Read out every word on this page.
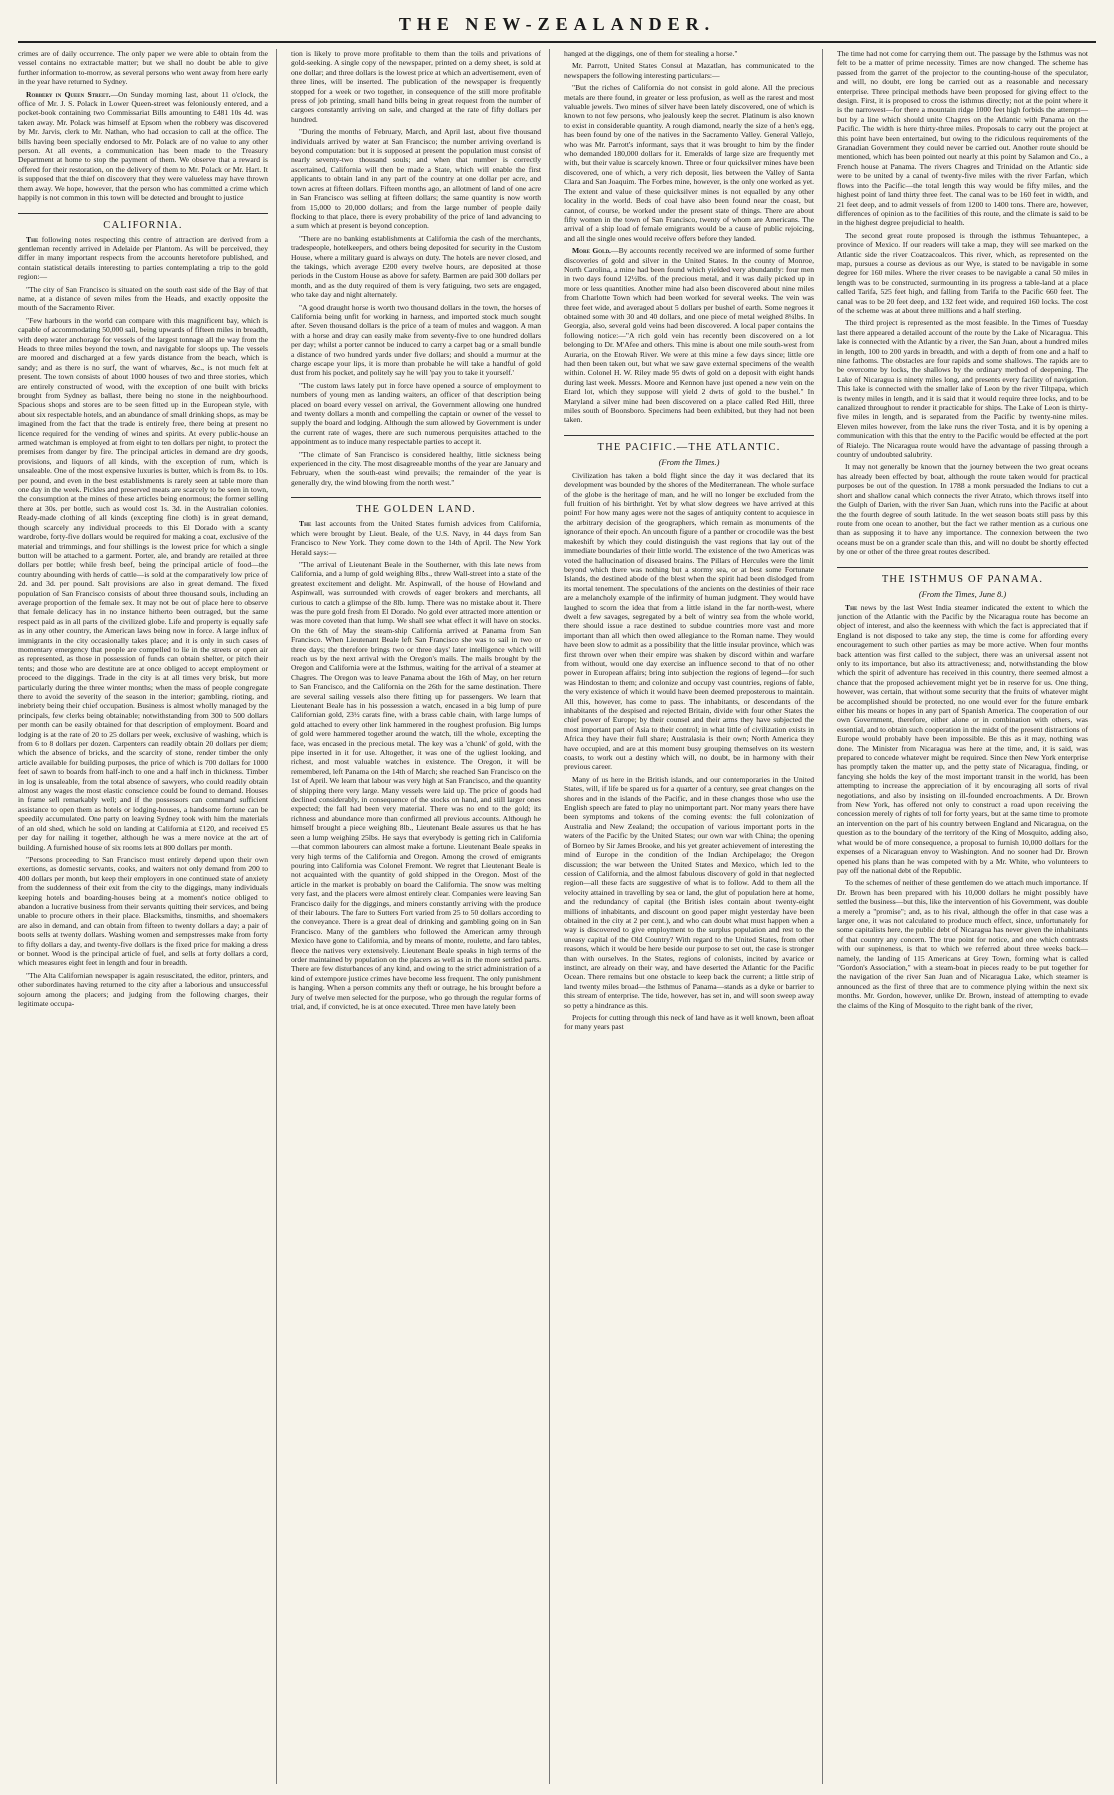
THE NEW-ZEALANDER.

crimes are of daily occurrence. The only paper we were able to obtain from the vessel contains no extractable matter; but we shall no doubt be able to give further information to-morrow, as several persons who went away from here early in the year have returned to Sydney.

Robbery in Queen Street.—On Sunday morning last, about 11 o'clock, the office of Mr. J. S. Polack in Lower Queen-street was feloniously entered, and a pocket-book containing two Commissariat Bills amounting to £481 10s 4d. was taken away. Mr. Polack was himself at Epsom when the robbery was discovered by Mr. Jarvis, clerk to Mr. Nathan, who had occasion to call at the office. The bills having been specially endorsed to Mr. Polack are of no value to any other person. At all events, a communication has been made to the Treasury Department at home to stop the payment of them. We observe that a reward is offered for their restoration, on the delivery of them to Mr. Polack or Mr. Hart. It is supposed that the thief on discovery that they were valueless may have thrown them away. We hope, however, that the person who has committed a crime which happily is not common in this town will be detected and brought to justice

CALIFORNIA.

The following notes respecting this centre of attraction are derived from a gentleman recently arrived in Adelaide per Plantom. As will be perceived, they differ in many important respects from the accounts heretofore published, and contain statistical details interesting to parties contemplating a trip to the gold region:—

"The city of San Francisco is situated on the south east side of the Bay of that name, at a distance of seven miles from the Heads, and exactly opposite the mouth of the Sacramento River.

"Few harbours in the world can compare with this magnificent bay, which is capable of accommodating 50,000 sail, being upwards of fifteen miles in breadth, with deep water anchorage for vessels of the largest tonnage all the way from the Heads to three miles beyond the town, and navigable for sloops up. The vessels are moored and discharged at a few yards distance from the beach, which is sandy; and as there is no surf, the want of wharves, &c., is not much felt at present. The town consists of about 1000 houses of two and three stories, which are entirely constructed of wood, with the exception of one built with bricks brought from Sydney as ballast, there being no stone in the neighbourhood. Spacious shops and stores are to be seen fitted up in the European style, with about six respectable hotels, and an abundance of small drinking shops, as may be imagined from the fact that the trade is entirely free, there being at present no licence required for the vending of wines and spirits. At every public-house an armed watchman is employed at from eight to ten dollars per night, to protect the premises from danger by fire. The principal articles in demand are dry goods, provisions, and liquors of all kinds, with the exception of rum, which is unsaleable. One of the most expensive luxuries is butter, which is from 8s. to 10s. per pound, and even in the best establishments is rarely seen at table more than one day in the week. Pickles and preserved meats are scarcely to be seen in town, the consumption at the mines of these articles being enormous; the former selling there at 30s. per bottle, such as would cost 1s. 3d. in the Australian colonies. Ready-made clothing of all kinds (excepting fine cloth) is in great demand, though scarcely any individual proceeds to this El Dorado with a scanty wardrobe, forty-five dollars would be required for making a coat, exclusive of the material and trimmings, and four shillings is the lowest price for which a single button will be attached to a garment. Porter, ale, and brandy are retailed at three dollars per bottle; while fresh beef, being the principal article of food—the country abounding with herds of cattle—is sold at the comparatively low price of 2d. and 3d. per pound. Salt provisions are also in great demand. The fixed population of San Francisco consists of about three thousand souls, including an average proportion of the female sex. It may not be out of place here to observe that female delicacy has in no instance hitherto been outraged, but the same respect paid as in all parts of the civilized globe. Life and property is equally safe as in any other country, the American laws being now in force. A large influx of immigrants in the city occasionally takes place; and it is only in such cases of momentary emergency that people are compelled to lie in the streets or open air as represented, as those in possession of funds can obtain shelter, or pitch their tents; and those who are destitute are at once obliged to accept employment or proceed to the diggings. Trade in the city is at all times very brisk, but more particularly during the three winter months; when the mass of people congregate there to avoid the severity of the season in the interior; gambling, rioting, and inebriety being their chief occupation. Business is almost wholly managed by the principals, few clerks being obtainable; notwithstanding from 300 to 500 dollars per month can be easily obtained for that description of employment. Board and lodging is at the rate of 20 to 25 dollars per week, exclusive of washing, which is from 6 to 8 dollars per dozen. Carpenters can readily obtain 20 dollars per diem; which the absence of bricks, and the scarcity of stone, render timber the only article available for building purposes, the price of which is 700 dollars for 1000 feet of sawn to boards from half-inch to one and a half inch in thickness. Timber in log is unsaleable, from the total absence of sawyers, who could readily obtain almost any wages the most elastic conscience could be found to demand. Houses in frame sell remarkably well; and if the possessors can command sufficient assistance to open them as hotels or lodging-houses, a handsome fortune can be speedily accumulated. One party on leaving Sydney took with him the materials of an old shed, which he sold on landing at California at £120, and received £5 per day for nailing it together, although he was a mere novice at the art of building. A furnished house of six rooms lets at 800 dollars per month.

"Persons proceeding to San Francisco must entirely depend upon their own exertions, as domestic servants, cooks, and waiters not only demand from 200 to 400 dollars per month, but keep their employers in one continued state of anxiety from the suddenness of their exit from the city to the diggings, many individuals keeping hotels and boarding-houses being at a moment's notice obliged to abandon a lucrative business from their servants quitting their services, and being unable to procure others in their place. Blacksmiths, tinsmiths, and shoemakers are also in demand, and can obtain from fifteen to twenty dollars a day; a pair of boots sells at twenty dollars. Washing women and sempstresses make from forty to fifty dollars a day, and twenty-five dollars is the fixed price for making a dress or bonnet. Wood is the principal article of fuel, and sells at forty dollars a cord, which measures eight feet in length and four in breadth.

"The Alta Californian newspaper is again resuscitated, the editor, printers, and other subordinates having returned to the city after a laborious and unsuccessful sojourn among the placers; and judging from the following charges, their legitimate occupa-

tion is likely to prove more profitable to them than the toils and privations of gold-seeking. A single copy of the newspaper, printed on a demy sheet, is sold at one dollar; and three dollars is the lowest price at which an advertisement, even of three lines, will be inserted. The publication of the newspaper is frequently stopped for a week or two together, in consequence of the still more profitable press of job printing, small hand bills being in great request from the number of cargoes constantly arriving on sale, and charged at the rate of fifty dollars per hundred.

"During the months of February, March, and April last, about five thousand individuals arrived by water at San Francisco; the number arriving overland is beyond computation: but it is supposed at present the population must consist of nearly seventy-two thousand souls; and when that number is correctly ascertained, California will then be made a State, which will enable the first applicants to obtain land in any part of the country at one dollar per acre, and town acres at fifteen dollars. Fifteen months ago, an allotment of land of one acre in San Francisco was selling at fifteen dollars; the same quantity is now worth from 15,000 to 20,000 dollars; and from the large number of people daily flocking to that place, there is every probability of the price of land advancing to a sum which at present is beyond conception.

"There are no banking establishments at California the cash of the merchants, tradespeople, hotelkeepers, and others being deposited for security in the Custom House, where a military guard is always on duty. The hotels are never closed, and the takings, which average £200 every twelve hours, are deposited at those periods in the Custom House as above for safety. Barmen are paid 300 dollars per month, and as the duty required of them is very fatiguing, two sets are engaged, who take day and night alternately.

"A good draught horse is worth two thousand dollars in the town, the horses of California being unfit for working in harness, and imported stock much sought after. Seven thousand dollars is the price of a team of mules and waggon. A man with a horse and dray can easily make from seventy-five to one hundred dollars per day; whilst a porter cannot be induced to carry a carpet bag or a small bundle a distance of two hundred yards under five dollars; and should a murmur at the charge escape your lips, it is more than probable he will take a handful of gold dust from his pocket, and politely say he will 'pay you to take it yourself.'

"The custom laws lately put in force have opened a source of employment to numbers of young men as landing waiters, an officer of that description being placed on board every vessel on arrival, the Government allowing one hundred and twenty dollars a month and compelling the captain or owner of the vessel to supply the board and lodging. Although the sum allowed by Government is under the current rate of wages, there are such numerous perquisites attached to the appointment as to induce many respectable parties to accept it.

"The climate of San Francisco is considered healthy, little sickness being experienced in the city. The most disagreeable months of the year are January and February, when the south-east wind prevails; the remainder of the year is generally dry, the wind blowing from the north west."

THE GOLDEN LAND.

The last accounts from the United States furnish advices from California, which were brought by Lieut. Beale, of the U.S. Navy, in 44 days from San Francisco to New York. They come down to the 14th of April. The New York Herald says:—

"The arrival of Lieutenant Beale in the Southerner, with this late news from California, and a lump of gold weighing 8lbs., threw Wall-street into a state of the greatest excitement and delight. Mr. Aspinwall, of the house of Howland and Aspinwall, was surrounded with crowds of eager brokers and merchants, all curious to catch a glimpse of the 8lb. lump. There was no mistake about it. There was the pure gold fresh from El Dorado. No gold ever attracted more attention or was more coveted than that lump. We shall see what effect it will have on stocks. On the 6th of May the steam-ship California arrived at Panama from San Francisco. When Lieutenant Beale left San Francisco she was to sail in two or three days; the therefore brings two or three days' later intelligence which will reach us by the next arrival with the Oregon's mails. The mails brought by the Oregon and California were at the Isthmus, waiting for the arrival of a steamer at Chagres. The Oregon was to leave Panama about the 16th of May, on her return to San Francisco, and the California on the 26th for the same destination. There are several sailing vessels also there fitting up for passengers. We learn that Lieutenant Beale has in his possession a watch, encased in a big lump of pure Californian gold, 23½ carats fine, with a brass cable chain, with large lumps of gold attached to every other link hammered in the roughest profusion. Big lumps of gold were hammered together around the watch, till the whole, excepting the face, was encased in the precious metal. The key was a 'chunk' of gold, with the pipe inserted in it for use. Altogether, it was one of the ugliest looking, and richest, and most valuable watches in existence. The Oregon, it will be remembered, left Panama on the 14th of March; she reached San Francisco on the 1st of April. We learn that labour was very high at San Francisco, and the quantity of shipping there very large. Many vessels were laid up. The price of goods had declined considerably, in consequence of the stocks on hand, and still larger ones expected; the fall had been very material. There was no end to the gold; its richness and abundance more than confirmed all previous accounts. Although he himself brought a piece weighing 8lb., Lieutenant Beale assures us that he has seen a lump weighing 25lbs. He says that everybody is getting rich in California—that common labourers can almost make a fortune. Lieutenant Beale speaks in very high terms of the California and Oregon. Among the crowd of emigrants pouring into California was Colonel Fremont. We regret that Lieutenant Beale is not acquainted with the quantity of gold shipped in the Oregon. Most of the article in the market is probably on board the California. The snow was melting very fast, and the placers were almost entirely clear. Companies were leaving San Francisco daily for the diggings, and miners constantly arriving with the produce of their labours. The fare to Sutters Fort varied from 25 to 50 dollars according to the conveyance. There is a great deal of drinking and gambling going on in San Francisco. Many of the gamblers who followed the American army through Mexico have gone to California, and by means of monte, roulette, and faro tables, fleece the natives very extensively. Lieutenant Beale speaks in high terms of the order maintained by population on the placers as well as in the more settled parts. There are few disturbances of any kind, and owing to the strict administration of a kind of extempore justice crimes have become less frequent. The only punishment is hanging. When a person commits any theft or outrage, he his brought before a Jury of twelve men selected for the purpose, who go through the regular forms of trial, and, if convicted, he is at once executed. Three men have lately been

hanged at the diggings, one of them for stealing a horse."

Mr. Parrott, United States Consul at Mazatlan, has communicated to the newspapers the following interesting particulars:—

"But the riches of California do not consist in gold alone. All the precious metals are there found, in greater or less profusion, as well as the rarest and most valuable jewels. Two mines of silver have been lately discovered, one of which is known to not few persons, who jealously keep the secret. Platinum is also known to exist in considerable quantity. A rough diamond, nearly the size of a hen's egg, has been found by one of the natives in the Sacramento Valley. General Vallejo, who was Mr. Parrott's informant, says that it was brought to him by the finder who demanded 180,000 dollars for it. Emeralds of large size are frequently met with, but their value is scarcely known. Three or four quicksilver mines have been discovered, one of which, a very rich deposit, lies between the Valley of Santa Clara and San Joaquim. The Forbes mine, however, is the only one worked as yet. The extent and value of these quicksilver mines is not equalled by any other locality in the world. Beds of coal have also been found near the coast, but cannot, of course, be worked under the present state of things. There are about fifty women in the town of San Francisco, twenty of whom are Americans. The arrival of a ship load of female emigrants would be a cause of public rejoicing, and all the single ones would receive offers before they landed.

More Gold.—By accounts recently received we are informed of some further discoveries of gold and silver in the United States. In the county of Monroe, North Carolina, a mine had been found which yielded very abundantly: four men in two days found 12½lbs. of the precious metal, and it was daily picked up in more or less quantities. Another mine had also been discovered about nine miles from Charlotte Town which had been worked for several weeks. The vein was three feet wide, and averaged about 5 dollars per bushel of earth. Some negroes it obtained some with 30 and 40 dollars, and one piece of metal weighed 8¼lbs. In Georgia, also, several gold veins had been discovered. A local paper contains the following notice:—"A rich gold vein has recently been discovered on a lot belonging to Dr. M'Afee and others. This mine is about one mile south-west from Auraria, on the Etowah River. We were at this mine a few days since; little ore had then been taken out, but what we saw gave external specimens of the wealth within. Colonel H. W. Riley made 95 dwts of gold on a deposit with eight hands during last week. Messrs. Moore and Kennon have just opened a new vein on the Etard lot, which they suppose will yield 2 dwts of gold to the bushel." In Maryland a silver mine had been discovered on a place called Red Hill, three miles south of Boonsboro. Specimens had been exhibited, but they had not been taken.

THE PACIFIC.—THE ATLANTIC.
(From the Times.)

Civilization has taken a bold flight since the day it was declared that its development was bounded by the shores of the Mediterranean. The whole surface of the globe is the heritage of man, and he will no longer be excluded from the full fruition of his birthright. Yet by what slow degrees we have arrived at this point! For how many ages were not the sages of antiquity content to acquiesce in the arbitrary decision of the geographers, which remain as monuments of the ignorance of their epoch. An uncouth figure of a panther or crocodile was the best makeshift by which they could distinguish the vast regions that lay out of the immediate boundaries of their little world. The existence of the two Americas was voted the hallucination of diseased brains. The Pillars of Hercules were the limit beyond which there was nothing but a stormy sea, or at best some Fortunate Islands, the destined abode of the blest when the spirit had been dislodged from its mortal tenement. The speculations of the ancients on the destinies of their race are a melancholy example of the infirmity of human judgment. They would have laughed to scorn the idea that from a little island in the far north-west, where dwelt a few savages, segregated by a belt of wintry sea from the whole world, there should issue a race destined to subdue countries more vast and more important than all which then owed allegiance to the Roman name. They would have been slow to admit as a possibility that the little insular province, which was first thrown over when their empire was shaken by discord within and warfare from without, would one day exercise an influence second to that of no other power in European affairs; bring into subjection the regions of legend—for such was Hindostan to them; and colonize and occupy vast countries, regions of fable, the very existence of which it would have been deemed preposterous to maintain. All this, however, has come to pass. The inhabitants, or descendants of the inhabitants of the despised and rejected Britain, divide with four other States the chief power of Europe; by their counsel and their arms they have subjected the most important part of Asia to their control; in what little of civilization exists in Africa they have their full share; Australasia is their own; North America they have occupied, and are at this moment busy grouping themselves on its western coasts, to work out a destiny which will, no doubt, be in harmony with their previous career.

Many of us here in the British islands, and our contemporaries in the United States, will, if life be spared us for a quarter of a century, see great changes on the shores and in the islands of the Pacific, and in these changes those who use the English speech are fated to play no unimportant part. Nor many years there have been symptoms and tokens of the coming events: the full colonization of Australia and New Zealand; the occupation of various important ports in the waters of the Pacific by the United States; our own war with China; the opening of Borneo by Sir James Brooke, and his yet greater achievement of interesting the mind of Europe in the condition of the Indian Archipelago; the Oregon discussion; the war between the United States and Mexico, which led to the cession of California, and the almost fabulous discovery of gold in that neglected region—all these facts are suggestive of what is to follow. Add to them all the velocity attained in travelling by sea or land, the glut of population here at home, and the redundancy of capital (the British isles contain about twenty-eight millions of inhabitants, and discount on good paper might yesterday have been obtained in the city at 2 per cent.), and who can doubt what must happen when a way is discovered to give employment to the surplus population and rest to the uneasy capital of the Old Country? With regard to the United States, from other reasons, which it would be here beside our purpose to set out, the case is stronger than with ourselves. In the States, regions of colonists, incited by avarice or instinct, are already on their way, and have deserted the Atlantic for the Pacific Ocean. There remains but one obstacle to keep back the current; a little strip of land twenty miles broad—the Isthmus of Panama—stands as a dyke or barrier to this stream of enterprise. The tide, however, has set in, and will soon sweep away so petty a hindrance as this.

Projects for cutting through this neck of land have as it well known, been afloat for many years past

The time had not come for carrying them out. The passage by the Isthmus was not felt to be a matter of prime necessity. Times are now changed. The scheme has passed from the garret of the projector to the counting-house of the speculator, and will, no doubt, ere long be carried out as a reasonable and necessary enterprise. Three principal methods have been proposed for giving effect to the design. First, it is proposed to cross the isthmus directly; not at the point where it is the narrowest—for there a mountain ridge 1000 feet high forbids the attempt—but by a line which should unite Chagres on the Atlantic with Panama on the Pacific. The width is here thirty-three miles. Proposals to carry out the project at this point have been entertained, but owing to the ridiculous requirements of the Granadian Government they could never be carried out. Another route should be mentioned, which has been pointed out nearly at this point by Salamon and Co., a French house at Panama. The rivers Chagres and Trinidad on the Atlantic side were to be united by a canal of twenty-five miles with the river Farfan, which flows into the Pacific—the total length this way would be fifty miles, and the highest point of land thirty three feet. The canal was to be 160 feet in width, and 21 feet deep, and to admit vessels of from 1200 to 1400 tons. There are, however, differences of opinion as to the facilities of this route, and the climate is said to be in the highest degree prejudicial to health.

The second great route proposed is through the isthmus Tehuantepec, a province of Mexico. If our readers will take a map, they will see marked on the Atlantic side the river Coatzacoalcos. This river, which, as represented on the map, pursues a course as devious as our Wye, is stated to be navigable in some degree for 160 miles. Where the river ceases to be navigable a canal 50 miles in length was to be constructed, surmounting in its progress a table-land at a place called Tarifa, 525 feet high, and falling from Tarifa to the Pacific 660 feet. The canal was to be 20 feet deep, and 132 feet wide, and required 160 locks. The cost of the scheme was at about three millions and a half sterling.

The third project is represented as the most feasible. In the Times of Tuesday last there appeared a detailed account of the route by the Lake of Nicaragua. This lake is connected with the Atlantic by a river, the San Juan, about a hundred miles in length, 100 to 200 yards in breadth, and with a depth of from one and a half to nine fathoms. The obstacles are four rapids and some shallows. The rapids are to be overcome by locks, the shallows by the ordinary method of deepening. The Lake of Nicaragua is ninety miles long, and presents every facility of navigation. This lake is connected with the smaller lake of Leon by the river Tiltpapa, which is twenty miles in length, and it is said that it would require three locks, and to be canalized throughout to render it practicable for ships. The Lake of Leon is thirty-five miles in length, and is separated from the Pacific by twenty-nine miles. Eleven miles however, from the lake runs the river Tosta, and it is by opening a communication with this that the entry to the Pacific would be effected at the port of Rialejo. The Nicaragua route would have the advantage of passing through a country of undoubted salubrity.

It may not generally be known that the journey between the two great oceans has already been effected by boat, although the route taken would for practical purposes be out of the question. In 1788 a monk persuaded the Indians to cut a short and shallow canal which connects the river Atrato, which throws itself into the Gulph of Darien, with the river San Juan, which runs into the Pacific at about the the fourth degree of south latitude. In the wet season boats still pass by this route from one ocean to another, but the fact we rather mention as a curious one than as supposing it to have any importance. The connexion between the two oceans must be on a grander scale than this, and will no doubt be shortly effected by one or other of the three great routes described.

THE ISTHMUS OF PANAMA.
(From the Times, June 8.)

The news by the last West India steamer indicated the extent to which the junction of the Atlantic with the Pacific by the Nicaragua route has become an object of interest, and also the keenness with which the fact is appreciated that if England is not disposed to take any step, the time is come for affording every encouragement to such other parties as may be more active. When four months back attention was first called to the subject, there was an universal assent not only to its importance, but also its attractiveness; and, notwithstanding the blow which the spirit of adventure has received in this country, there seemed almost a chance that the proposed achievement might yet be in reserve for us. One thing, however, was certain, that without some security that the fruits of whatever might be accomplished should be protected, no one would ever for the future embark either his means or hopes in any part of Spanish America. The cooperation of our own Government, therefore, either alone or in combination with others, was essential, and to obtain such cooperation in the midst of the present distractions of Europe would probably have been impossible. Be this as it may, nothing was done. The Minister from Nicaragua was here at the time, and, it is said, was prepared to concede whatever might be required. Since then New York enterprise has promptly taken the matter up, and the petty state of Nicaragua, finding, or fancying she holds the key of the most important transit in the world, has been attempting to increase the appreciation of it by encouraging all sorts of rival negotiations, and also by insisting on ill-founded encroachments. A Dr. Brown from New York, has offered not only to construct a road upon receiving the concession merely of rights of toll for forty years, but at the same time to promote an intervention on the part of his country between England and Nicaragua, on the question as to the boundary of the territory of the King of Mosquito, adding also, what would be of more consequence, a proposal to furnish 10,000 dollars for the expenses of a Nicaraguan envoy to Washington. And no sooner had Dr. Brown opened his plans than he was competed with by a Mr. White, who volunteers to pay off the national debt of the Republic.

To the schemes of neither of these gentlemen do we attach much importance. If Dr. Brown has been prepared with his 10,000 dollars he might possibly have settled the business—but this, like the intervention of his Government, was double a merely a "promise"; and, as to his rival, although the offer in that case was a larger one, it was not calculated to produce much effect, since, unfortunately for some capitalists here, the public debt of Nicaragua has never given the inhabitants of that country any concern. The true point for notice, and one which contrasts with our supineness, is that to which we referred about three weeks back—namely, the landing of 115 Americans at Grey Town, forming what is called "Gordon's Association," with a steam-boat in pieces ready to be put together for the navigation of the river San Juan and of Nicaragua Lake, which steamer is announced as the first of three that are to commence plying within the next six months. Mr. Gordon, however, unlike Dr. Brown, instead of attempting to evade the claims of the King of Mosquito to the right bank of the river,
